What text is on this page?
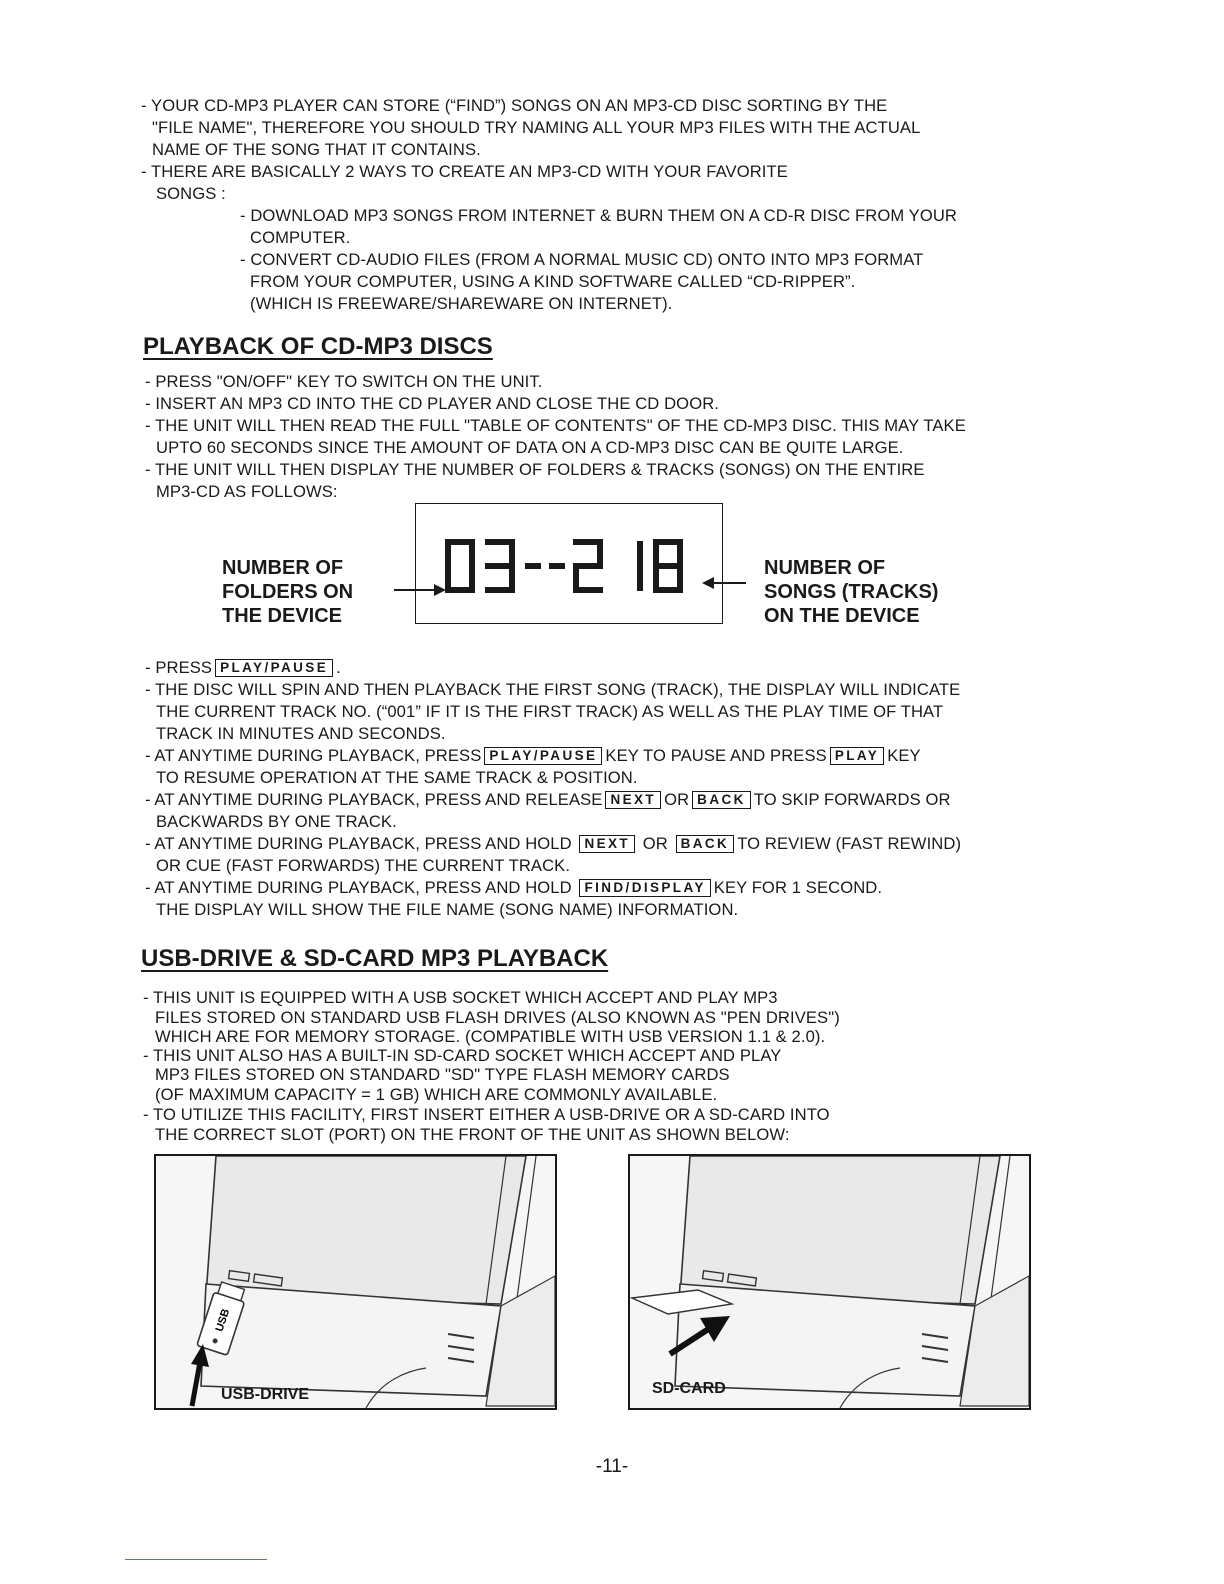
- YOUR CD-MP3 PLAYER CAN STORE (“FIND”) SONGS ON AN MP3-CD DISC SORTING BY THE
"FILE NAME", THEREFORE YOU SHOULD TRY NAMING ALL YOUR MP3 FILES WITH THE ACTUAL
NAME OF THE SONG THAT IT CONTAINS.
- THERE ARE BASICALLY 2 WAYS TO CREATE AN MP3-CD WITH YOUR FAVORITE
SONGS :
- DOWNLOAD MP3 SONGS FROM INTERNET & BURN THEM ON A CD-R DISC FROM YOUR
COMPUTER.
- CONVERT CD-AUDIO FILES (FROM A NORMAL MUSIC CD) ONTO INTO MP3 FORMAT
FROM YOUR COMPUTER, USING A KIND SOFTWARE CALLED “CD-RIPPER”.
(WHICH IS FREEWARE/SHAREWARE ON INTERNET).
PLAYBACK OF CD-MP3 DISCS
- PRESS "ON/OFF" KEY TO SWITCH ON THE UNIT.
- INSERT AN MP3 CD INTO THE CD PLAYER AND CLOSE THE CD DOOR.
- THE UNIT WILL THEN READ THE FULL "TABLE OF CONTENTS" OF THE CD-MP3 DISC. THIS MAY TAKE
UPTO 60 SECONDS SINCE THE AMOUNT OF DATA ON A CD-MP3 DISC CAN BE QUITE LARGE.
- THE UNIT WILL THEN DISPLAY THE NUMBER OF FOLDERS & TRACKS (SONGS) ON THE ENTIRE
MP3-CD AS FOLLOWS:
NUMBER OF
FOLDERS ON
THE DEVICE
NUMBER OF
SONGS (TRACKS)
ON THE DEVICE
- PRESS PLAY/PAUSE .
- THE DISC WILL SPIN AND THEN PLAYBACK THE FIRST SONG (TRACK), THE DISPLAY WILL INDICATE
THE CURRENT TRACK NO. (“001” IF IT IS THE FIRST TRACK) AS WELL AS THE PLAY TIME OF THAT
TRACK IN MINUTES AND SECONDS.
- AT ANYTIME DURING PLAYBACK, PRESS PLAY/PAUSE KEY TO PAUSE AND PRESS PLAY KEY
TO RESUME OPERATION AT THE SAME TRACK & POSITION.
- AT ANYTIME DURING PLAYBACK, PRESS AND RELEASE NEXT OR BACK TO SKIP FORWARDS OR
BACKWARDS BY ONE TRACK.
- AT ANYTIME DURING PLAYBACK, PRESS AND HOLD NEXT OR BACK TO REVIEW (FAST REWIND)
OR CUE (FAST FORWARDS) THE CURRENT TRACK.
- AT ANYTIME DURING PLAYBACK, PRESS AND HOLD FIND/DISPLAY KEY FOR 1 SECOND.
THE DISPLAY WILL SHOW THE FILE NAME (SONG NAME) INFORMATION.
USB-DRIVE & SD-CARD MP3 PLAYBACK
- THIS UNIT IS EQUIPPED WITH A USB SOCKET WHICH ACCEPT AND PLAY MP3
FILES STORED ON STANDARD USB FLASH DRIVES (ALSO KNOWN AS "PEN DRIVES")
WHICH ARE FOR MEMORY STORAGE. (COMPATIBLE WITH USB VERSION 1.1 & 2.0).
- THIS UNIT ALSO HAS A BUILT-IN SD-CARD SOCKET WHICH ACCEPT AND PLAY
MP3 FILES STORED ON STANDARD "SD" TYPE FLASH MEMORY CARDS
(OF MAXIMUM CAPACITY = 1 GB) WHICH ARE COMMONLY AVAILABLE.
- TO UTILIZE THIS FACILITY, FIRST INSERT EITHER A USB-DRIVE OR A SD-CARD INTO
THE CORRECT SLOT (PORT) ON THE FRONT OF THE UNIT AS SHOWN BELOW:
USB
USB-DRIVE	SD-CARD
-11-
